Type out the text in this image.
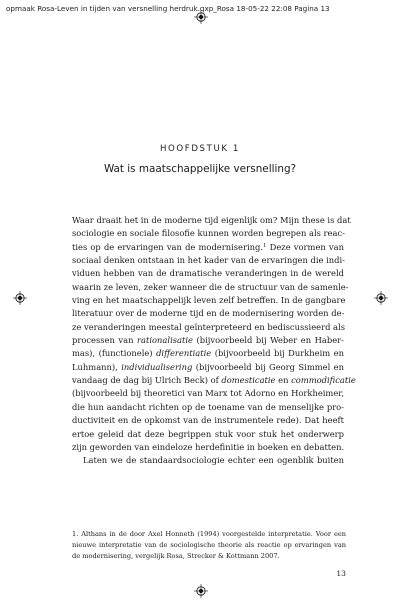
opmaak Rosa-Leven in tijden van versnelling herdruk.qxp_Rosa 18-05-22 22:08 Pagina 13
HOOFDSTUK 1
Wat is maatschappelijke versnelling?
Waar draait het in de moderne tijd eigenlijk om? Mijn these is dat
sociologie en sociale filosofie kunnen worden begrepen als reac-
ties op de ervaringen van de modernisering.$^1$ Deze vormen van
sociaal denken ontstaan in het kader van de ervaringen die indi-
viduen hebben van de dramatische veranderingen in de wereld
waarin ze leven, zeker wanneer die de structuur van de samenle-
ving en het maatschappelijk leven zelf betreffen. In de gangbare
literatuur over de moderne tijd en de modernisering worden de-
ze veranderingen meestal geïnterpreteerd en bediscussieerd als
processen van rationalisatie (bijvoorbeeld bij Weber en Haber-
mas), (functionele) differentiatie (bijvoorbeeld bij Durkheim en
Luhmann), individualisering (bijvoorbeeld bij Georg Simmel en
vandaag de dag bij Ulrich Beck) of domesticatie en commodificatie
(bijvoorbeeld bij theoretici van Marx tot Adorno en Horkheimer,
die hun aandacht richten op de toename van de menselijke pro-
ductiviteit en de opkomst van de instrumentele rede). Dat heeft
ertoe geleid dat deze begrippen stuk voor stuk het onderwerp
zijn geworden van eindeloze herdefinitie in boeken en debatten.
Laten we de standaardsociologie echter een ogenblik buiten
1. Althans in de door Axel Honneth (1994) voorgestelde interpretatie. Voor een
nieuwe interpretatie van de sociologische theorie als reactie op ervaringen van
de modernisering, vergelijk Rosa, Strecker & Kottmann 2007.
13
